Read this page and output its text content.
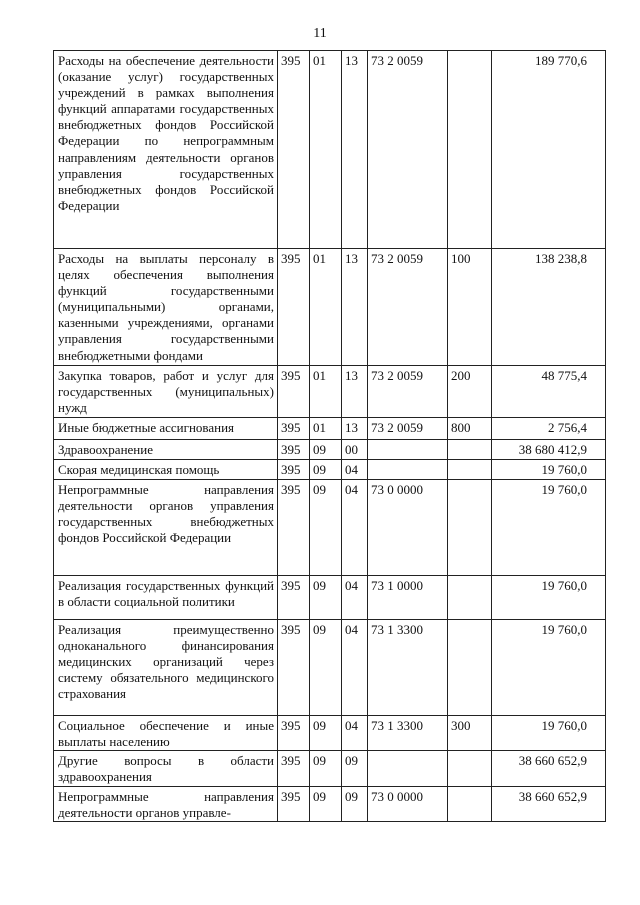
11
Расходы на обеспечение деятельности (оказание услуг) государственных учреждений в рамках выполнения функций аппаратами государственных внебюджетных фондов Российской Федерации по непрограммным направлениям деятельности органов управления государственных внебюджетных фондов Российской Федерации	395	01	13	73 2 0059		189 770,6
Расходы на выплаты персоналу в целях обеспечения выполнения функций государственными (муниципальными) органами, казенными учреждениями, органами управления государственными внебюджетными фондами	395	01	13	73 2 0059	100	138 238,8
Закупка товаров, работ и услуг для государственных (муниципальных) нужд	395	01	13	73 2 0059	200	48 775,4
Иные бюджетные ассигнования	395	01	13	73 2 0059	800	2 756,4
Здравоохранение	395	09	00			38 680 412,9
Скорая медицинская помощь	395	09	04			19 760,0
Непрограммные направления деятельности органов управления государственных внебюджетных фондов Российской Федерации	395	09	04	73 0 0000		19 760,0
Реализация государственных функций в области социальной политики	395	09	04	73 1 0000		19 760,0
Реализация преимущественно одноканального финансирования медицинских организаций через систему обязательного медицинского страхования	395	09	04	73 1 3300		19 760,0
Социальное обеспечение и иные выплаты населению	395	09	04	73 1 3300	300	19 760,0
Другие вопросы в области здравоохранения	395	09	09			38 660 652,9
Непрограммные направления деятельности органов управле-	395	09	09	73 0 0000		38 660 652,9
